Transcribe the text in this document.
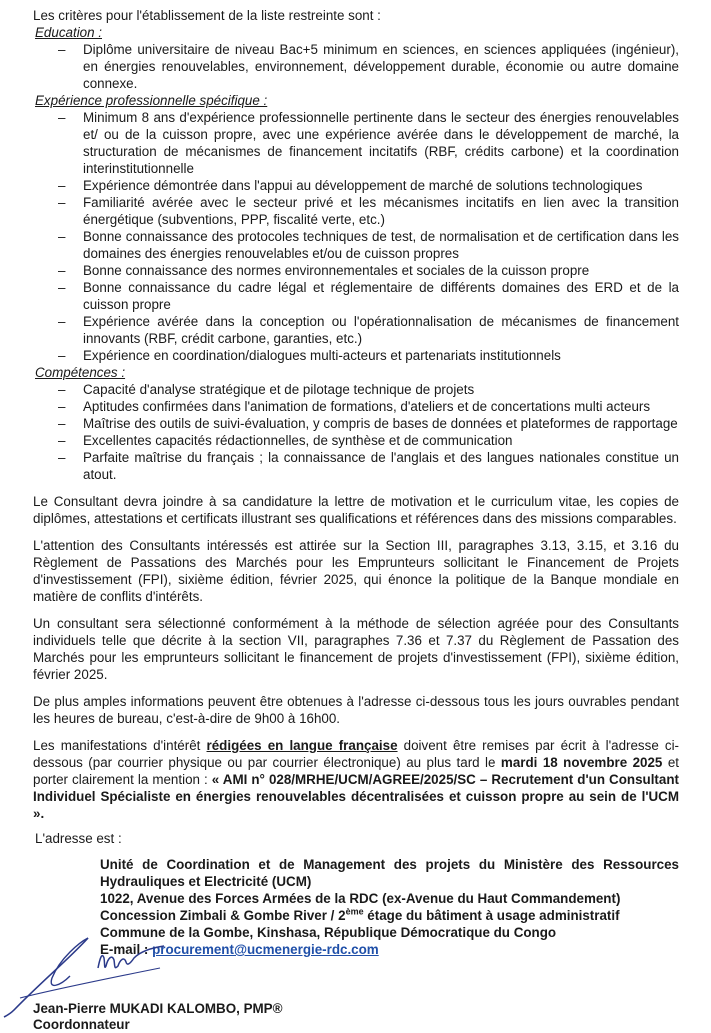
Les critères pour l'établissement de la liste restreinte sont :

Education :

– Diplôme universitaire de niveau Bac+5 minimum en sciences, en sciences appliquées (ingénieur), en énergies renouvelables, environnement, développement durable, économie ou autre domaine connexe.

Expérience professionnelle spécifique :

– Minimum 8 ans d'expérience professionnelle pertinente dans le secteur des énergies renouvelables et/ ou de la cuisson propre, avec une expérience avérée dans le développement de marché, la structuration de mécanismes de financement incitatifs (RBF, crédits carbone) et la coordination interinstitutionnelle
– Expérience démontrée dans l'appui au développement de marché de solutions technologiques
– Familiarité avérée avec le secteur privé et les mécanismes incitatifs en lien avec la transition énergétique (subventions, PPP, fiscalité verte, etc.)
– Bonne connaissance des protocoles techniques de test, de normalisation et de certification dans les domaines des énergies renouvelables et/ou de cuisson propres
– Bonne connaissance des normes environnementales et sociales de la cuisson propre
– Bonne connaissance du cadre légal et réglementaire de différents domaines des ERD et de la cuisson propre
– Expérience avérée dans la conception ou l'opérationnalisation de mécanismes de financement innovants (RBF, crédit carbone, garanties, etc.)
– Expérience en coordination/dialogues multi-acteurs et partenariats institutionnels

Compétences :

– Capacité d'analyse stratégique et de pilotage technique de projets
– Aptitudes confirmées dans l'animation de formations, d'ateliers et de concertations multi acteurs
– Maîtrise des outils de suivi-évaluation, y compris de bases de données et plateformes de rapportage
– Excellentes capacités rédactionnelles, de synthèse et de communication
– Parfaite maîtrise du français ; la connaissance de l'anglais et des langues nationales constitue un atout.

Le Consultant devra joindre à sa candidature la lettre de motivation et le curriculum vitae, les copies de diplômes, attestations et certificats illustrant ses qualifications et références dans des missions comparables.

L'attention des Consultants intéressés est attirée sur la Section III, paragraphes 3.13, 3.15, et 3.16 du Règlement de Passations des Marchés pour les Emprunteurs sollicitant le Financement de Projets d'investissement (FPI), sixième édition, février 2025, qui énonce la politique de la Banque mondiale en matière de conflits d'intérêts.

Un consultant sera sélectionné conformément à la méthode de sélection agréée pour des Consultants individuels telle que décrite à la section VII, paragraphes 7.36 et 7.37 du Règlement de Passation des Marchés pour les emprunteurs sollicitant le financement de projets d'investissement (FPI), sixième édition, février 2025.

De plus amples informations peuvent être obtenues à l'adresse ci-dessous tous les jours ouvrables pendant les heures de bureau, c'est-à-dire de 9h00 à 16h00.

Les manifestations d'intérêt rédigées en langue française doivent être remises par écrit à l'adresse ci-dessous (par courrier physique ou par courrier électronique) au plus tard le mardi 18 novembre 2025 et porter clairement la mention : « AMI n° 028/MRHE/UCM/AGREE/2025/SC – Recrutement d'un Consultant Individuel Spécialiste en énergies renouvelables décentralisées et cuisson propre au sein de l'UCM ».

L'adresse est :

Unité de Coordination et de Management des projets du Ministère des Ressources Hydrauliques et Electricité (UCM)

1022, Avenue des Forces Armées de la RDC (ex-Avenue du Haut Commandement)

Concession Zimbali & Gombe River / 2ème étage du bâtiment à usage administratif

Commune de la Gombe, Kinshasa, République Démocratique du Congo

E-mail : procurement@ucmenergie-rdc.com

Jean-Pierre MUKADI KALOMBO, PMP®
Coordonnateur
